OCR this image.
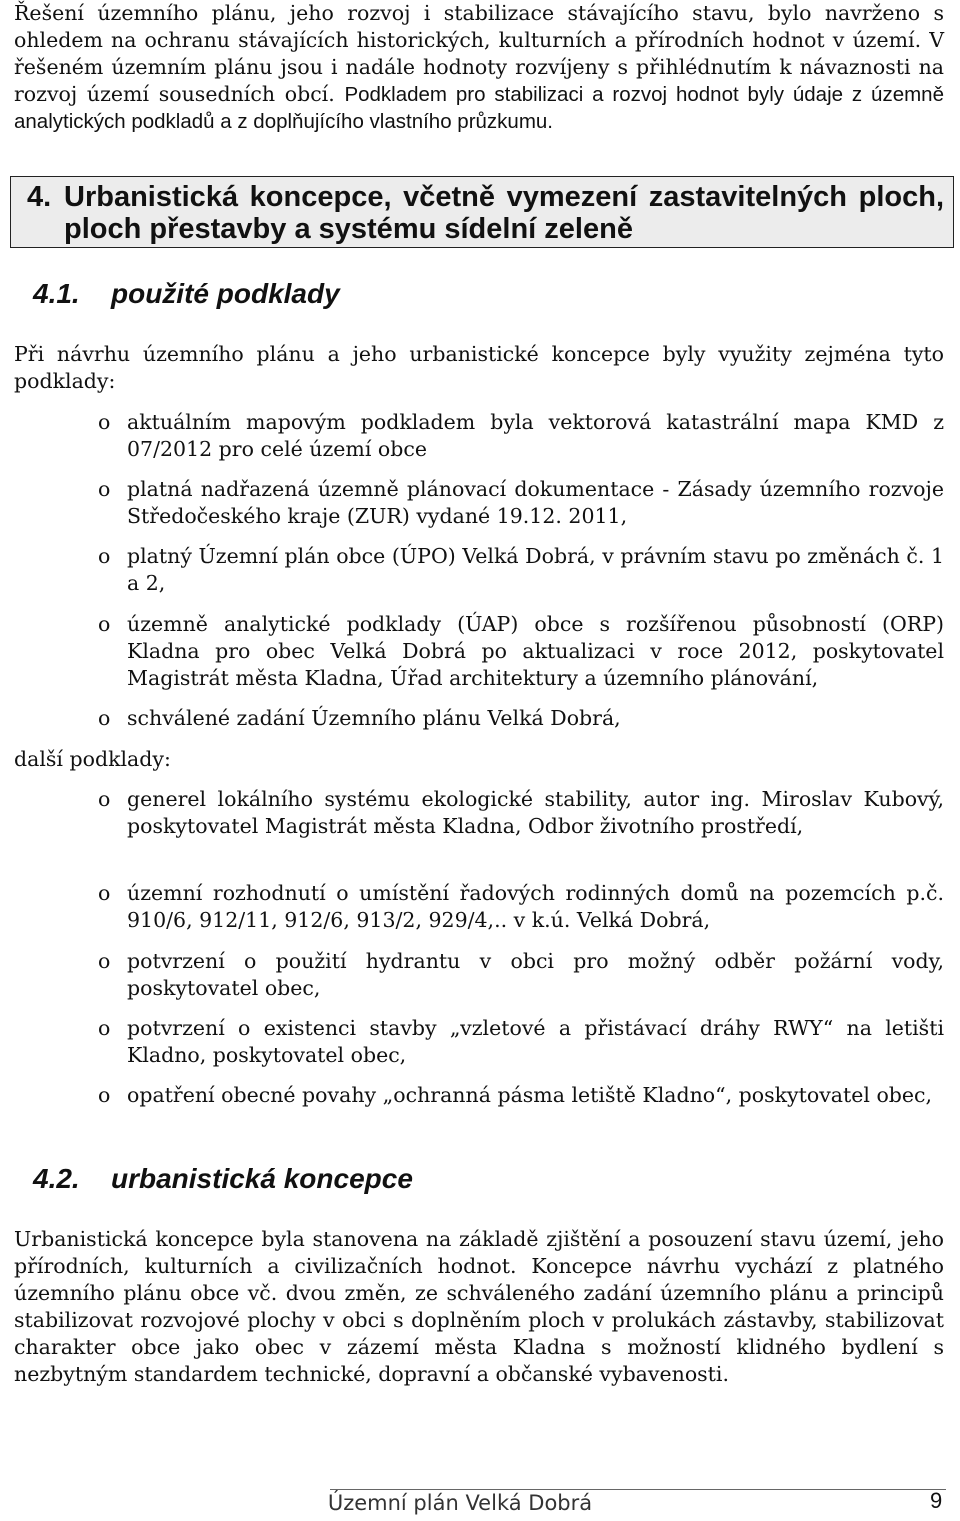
Řešení územního plánu, jeho rozvoj i stabilizace stávajícího stavu, bylo navrženo s ohledem na ochranu stávajících historických, kulturních a přírodních hodnot v území. V řešeném územním plánu jsou i nadále hodnoty rozvíjeny s přihlédnutím k návaznosti na rozvoj území sousedních obcí. Podkladem pro stabilizaci a rozvoj hodnot byly údaje z územně analytických podkladů a z doplňujícího vlastního průzkumu.

4. Urbanistická koncepce, včetně vymezení zastavitelných ploch, ploch přestavby a systému sídelní zeleně
4.1. použité podklady

Při návrhu územního plánu a jeho urbanistické koncepce byly využity zejména tyto podklady:

o aktuálním mapovým podkladem byla vektorová katastrální mapa KMD z 07/2012 pro celé území obce

o platná nadřazená územně plánovací dokumentace - Zásady územního rozvoje Středočeského kraje (ZUR) vydané 19.12. 2011,

o platný Územní plán obce (ÚPO) Velká Dobrá, v právním stavu po změnách č. 1 a 2,

o územně analytické podklady (ÚAP) obce s rozšířenou působností (ORP) Kladna pro obec Velká Dobrá po aktualizaci v roce 2012, poskytovatel Magistrát města Kladna, Úřad architektury a územního plánování,

o schválené zadání Územního plánu Velká Dobrá,

další podklady:
o generel lokálního systému ekologické stability, autor ing. Miroslav Kubový, poskytovatel Magistrát města Kladna, Odbor životního prostředí,

o územní rozhodnutí o umístění řadových rodinných domů na pozemcích p.č. 910/6, 912/11, 912/6, 913/2, 929/4,.. v k.ú. Velká Dobrá,

o potvrzení o použití hydrantu v obci pro možný odběr požární vody, poskytovatel obec,

o potvrzení o existenci stavby „vzletové a přistávací dráhy RWY“ na letišti Kladno, poskytovatel obec,

o opatření obecné povahy „ochranná pásma letiště Kladno“, poskytovatel obec,

4.2. urbanistická koncepce

Urbanistická koncepce byla stanovena na základě zjištění a posouzení stavu území, jeho přírodních, kulturních a civilizačních hodnot. Koncepce návrhu vychází z platného územního plánu obce vč. dvou změn, ze schváleného zadání územního plánu a principů stabilizovat rozvojové plochy v obci s doplněním ploch v prolukách zástavby, stabilizovat charakter obce jako obec v zázemí města Kladna s možností klidného bydlení s nezbytným standardem technické, dopravní a občanské vybavenosti.

Územní plán Velká Dobrá	9
